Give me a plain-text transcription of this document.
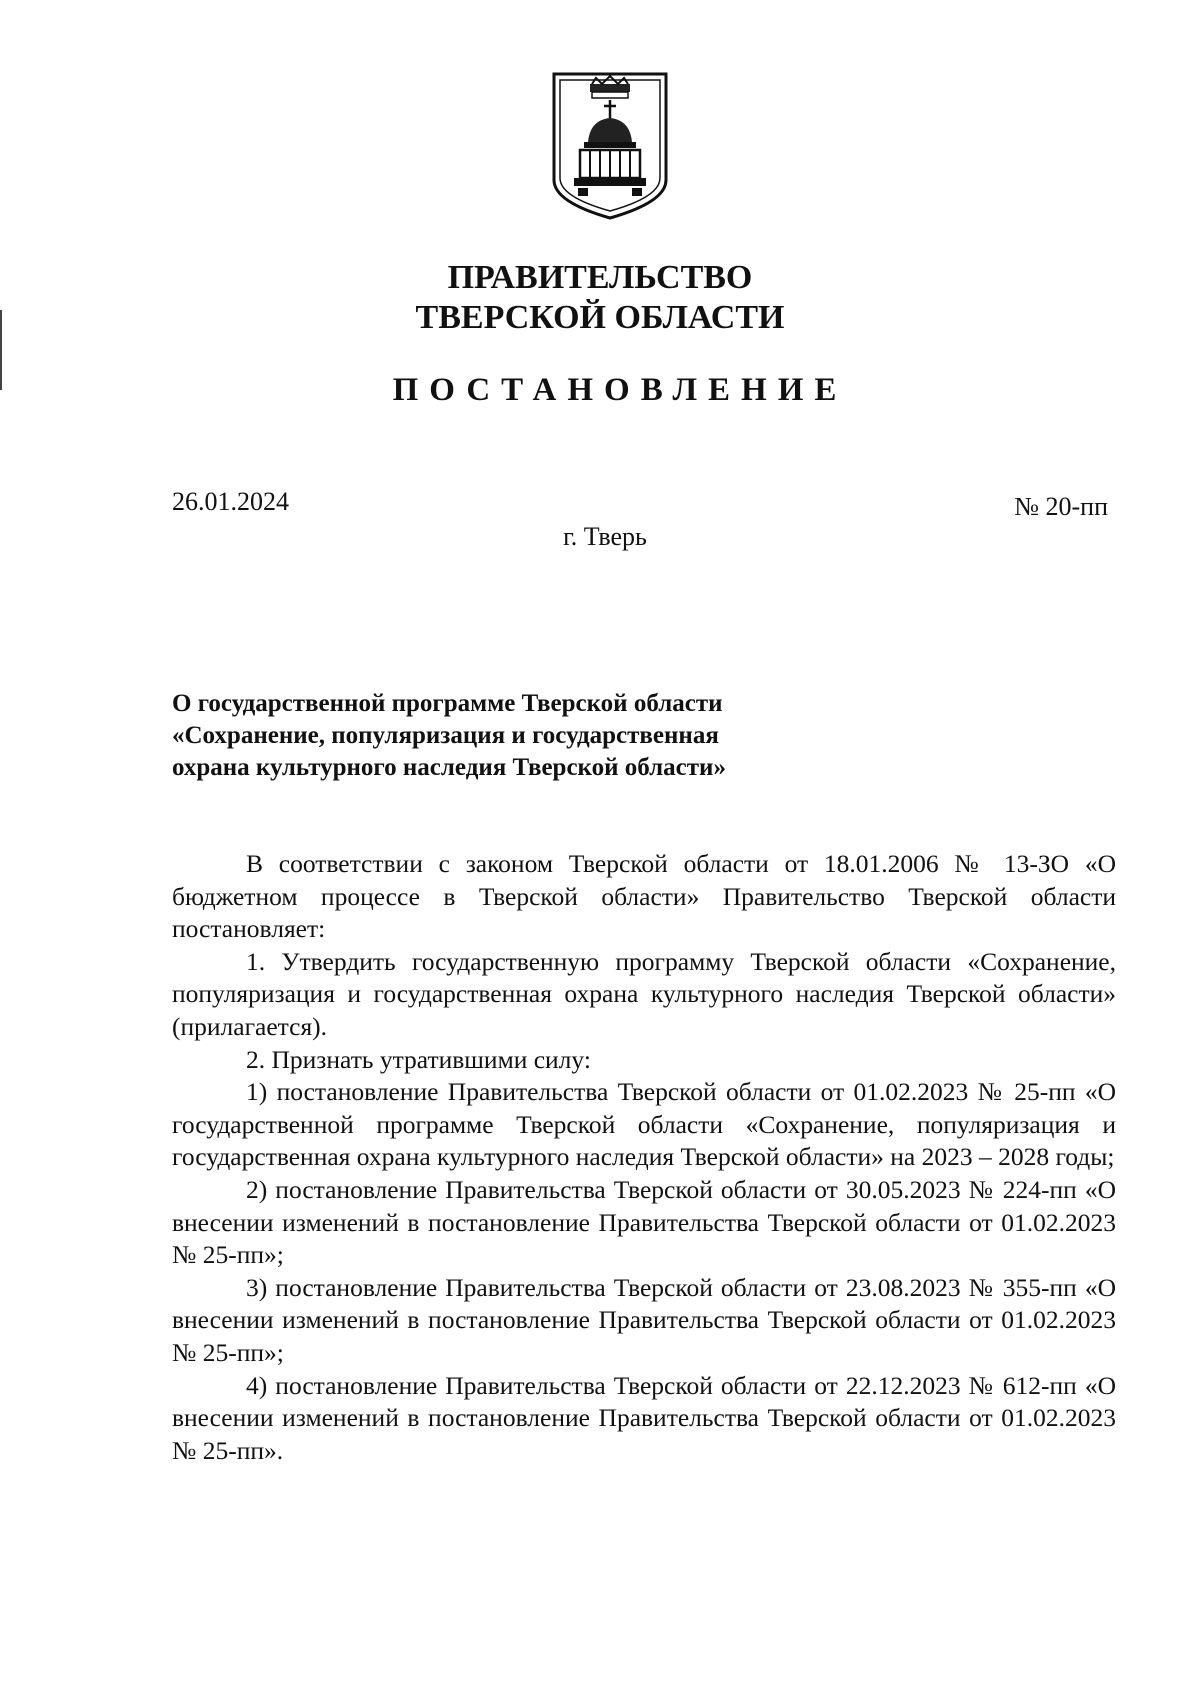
ПРАВИТЕЛЬСТВО
ТВЕРСКОЙ ОБЛАСТИ
ПОСТАНОВЛЕНИЕ
26.01.2024	№ 20-пп
г. Тверь
О государственной программе Тверской области
«Сохранение, популяризация и государственная
охрана культурного наследия Тверской области»

В соответствии с законом Тверской области от 18.01.2006 № 13-ЗО «О бюджетном процессе в Тверской области» Правительство Тверской области постановляет:

1. Утвердить государственную программу Тверской области «Сохранение, популяризация и государственная охрана культурного наследия Тверской области» (прилагается).

2. Признать утратившими силу:

1) постановление Правительства Тверской области от 01.02.2023 № 25-пп «О государственной программе Тверской области «Сохранение, популяризация и государственная охрана культурного наследия Тверской области» на 2023 – 2028 годы;

2) постановление Правительства Тверской области от 30.05.2023 № 224-пп «О внесении изменений в постановление Правительства Тверской области от 01.02.2023 № 25-пп»;

3) постановление Правительства Тверской области от 23.08.2023 № 355-пп «О внесении изменений в постановление Правительства Тверской области от 01.02.2023 № 25-пп»;

4) постановление Правительства Тверской области от 22.12.2023 № 612-пп «О внесении изменений в постановление Правительства Тверской области от 01.02.2023 № 25-пп».
